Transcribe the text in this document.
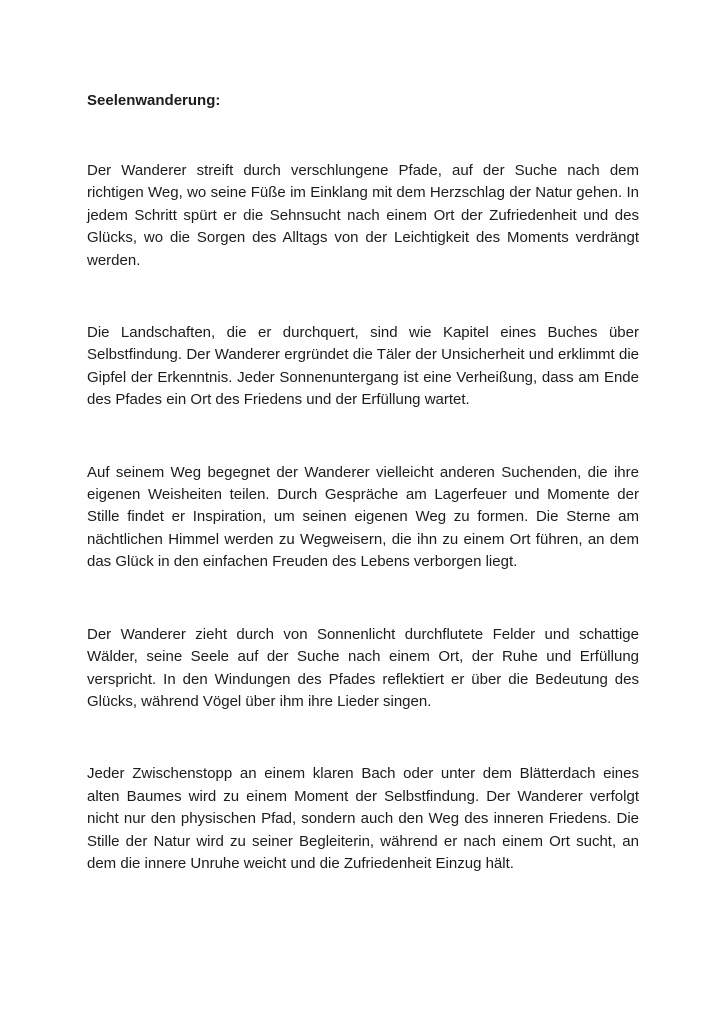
Seelenwanderung:

Der Wanderer streift durch verschlungene Pfade, auf der Suche nach dem richtigen Weg, wo seine Füße im Einklang mit dem Herzschlag der Natur gehen. In jedem Schritt spürt er die Sehnsucht nach einem Ort der Zufriedenheit und des Glücks, wo die Sorgen des Alltags von der Leichtigkeit des Moments verdrängt werden.

Die Landschaften, die er durchquert, sind wie Kapitel eines Buches über Selbstfindung. Der Wanderer ergründet die Täler der Unsicherheit und erklimmt die Gipfel der Erkenntnis. Jeder Sonnenuntergang ist eine Verheißung, dass am Ende des Pfades ein Ort des Friedens und der Erfüllung wartet.

Auf seinem Weg begegnet der Wanderer vielleicht anderen Suchenden, die ihre eigenen Weisheiten teilen. Durch Gespräche am Lagerfeuer und Momente der Stille findet er Inspiration, um seinen eigenen Weg zu formen. Die Sterne am nächtlichen Himmel werden zu Wegweisern, die ihn zu einem Ort führen, an dem das Glück in den einfachen Freuden des Lebens verborgen liegt.

Der Wanderer zieht durch von Sonnenlicht durchflutete Felder und schattige Wälder, seine Seele auf der Suche nach einem Ort, der Ruhe und Erfüllung verspricht. In den Windungen des Pfades reflektiert er über die Bedeutung des Glücks, während Vögel über ihm ihre Lieder singen.

Jeder Zwischenstopp an einem klaren Bach oder unter dem Blätterdach eines alten Baumes wird zu einem Moment der Selbstfindung. Der Wanderer verfolgt nicht nur den physischen Pfad, sondern auch den Weg des inneren Friedens. Die Stille der Natur wird zu seiner Begleiterin, während er nach einem Ort sucht, an dem die innere Unruhe weicht und die Zufriedenheit Einzug hält.
